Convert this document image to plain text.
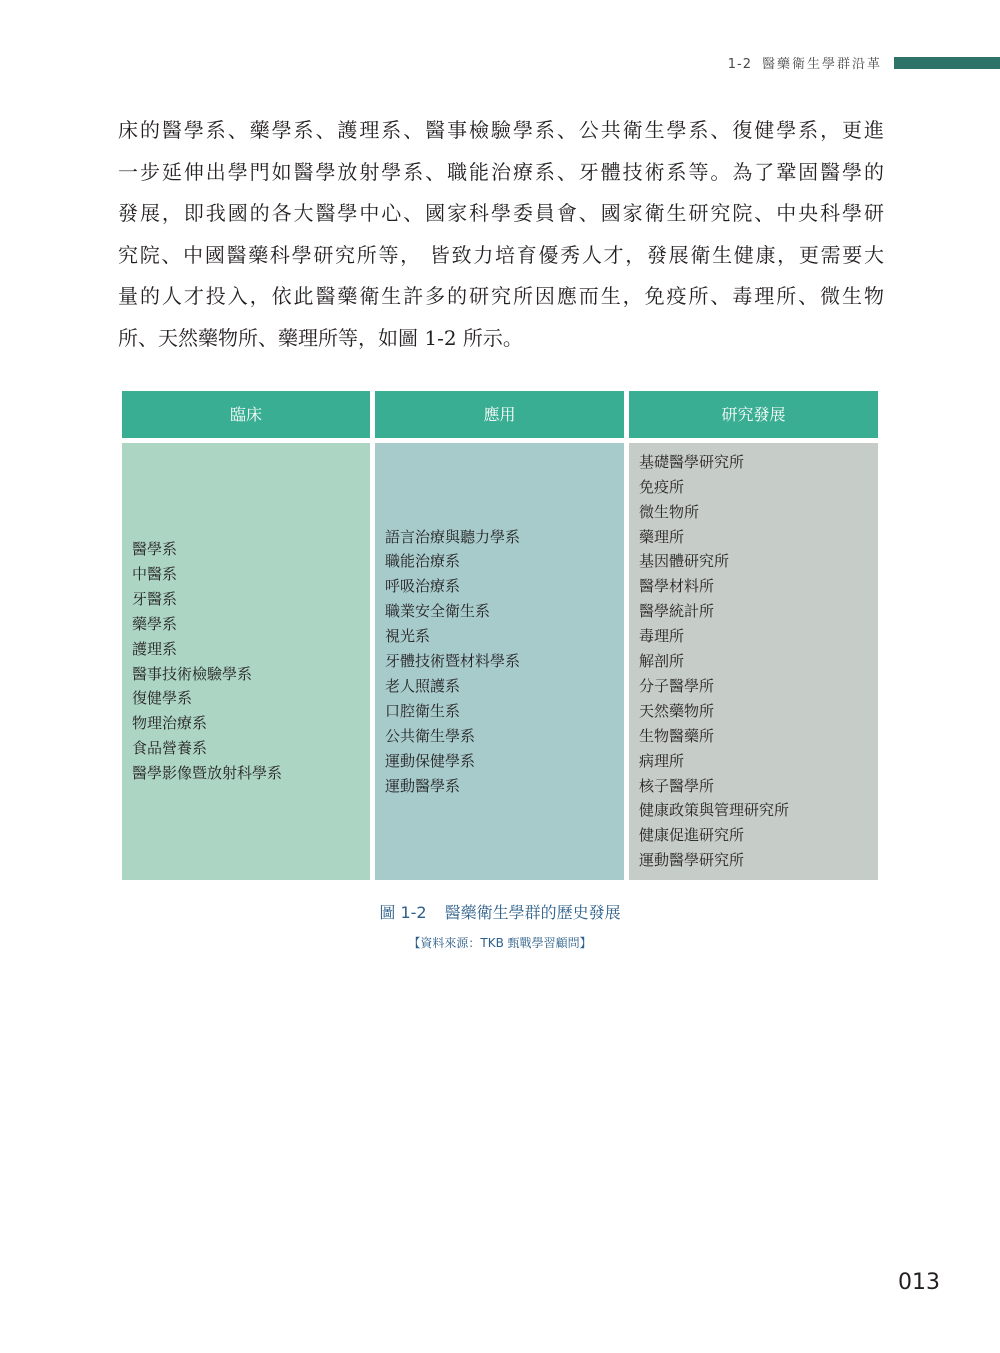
1-2 醫藥衛生學群沿革

床的醫學系、藥學系、護理系、醫事檢驗學系、公共衛生學系、復健學系，更進

一步延伸出學門如醫學放射學系、職能治療系、牙體技術系等。為了鞏固醫學的

發展，即我國的各大醫學中心、國家科學委員會、國家衛生研究院、中央科學研

究院、中國醫藥科學研究所等， 皆致力培育優秀人才，發展衛生健康，更需要大

量的人才投入，依此醫藥衛生許多的研究所因應而生，免疫所、毒理所、微生物

所、天然藥物所、藥理所等，如圖 1-2 所示。

臨床	應用	研究發展
醫學系
中醫系
牙醫系
藥學系
護理系
醫事技術檢驗學系
復健學系
物理治療系
食品營養系
醫學影像暨放射科學系
語言治療與聽力學系
職能治療系
呼吸治療系
職業安全衛生系
視光系
牙體技術暨材料學系
老人照護系
口腔衛生系
公共衛生學系
運動保健學系
運動醫學系
基礎醫學研究所
免疫所
微生物所
藥理所
基因體研究所
醫學材料所
醫學統計所
毒理所
解剖所
分子醫學所
天然藥物所
生物醫藥所
病理所
核子醫學所
健康政策與管理研究所
健康促進研究所
運動醫學研究所
圖 1-2 醫藥衛生學群的歷史發展
【資料來源：TKB 甄戰學習顧問】
013
